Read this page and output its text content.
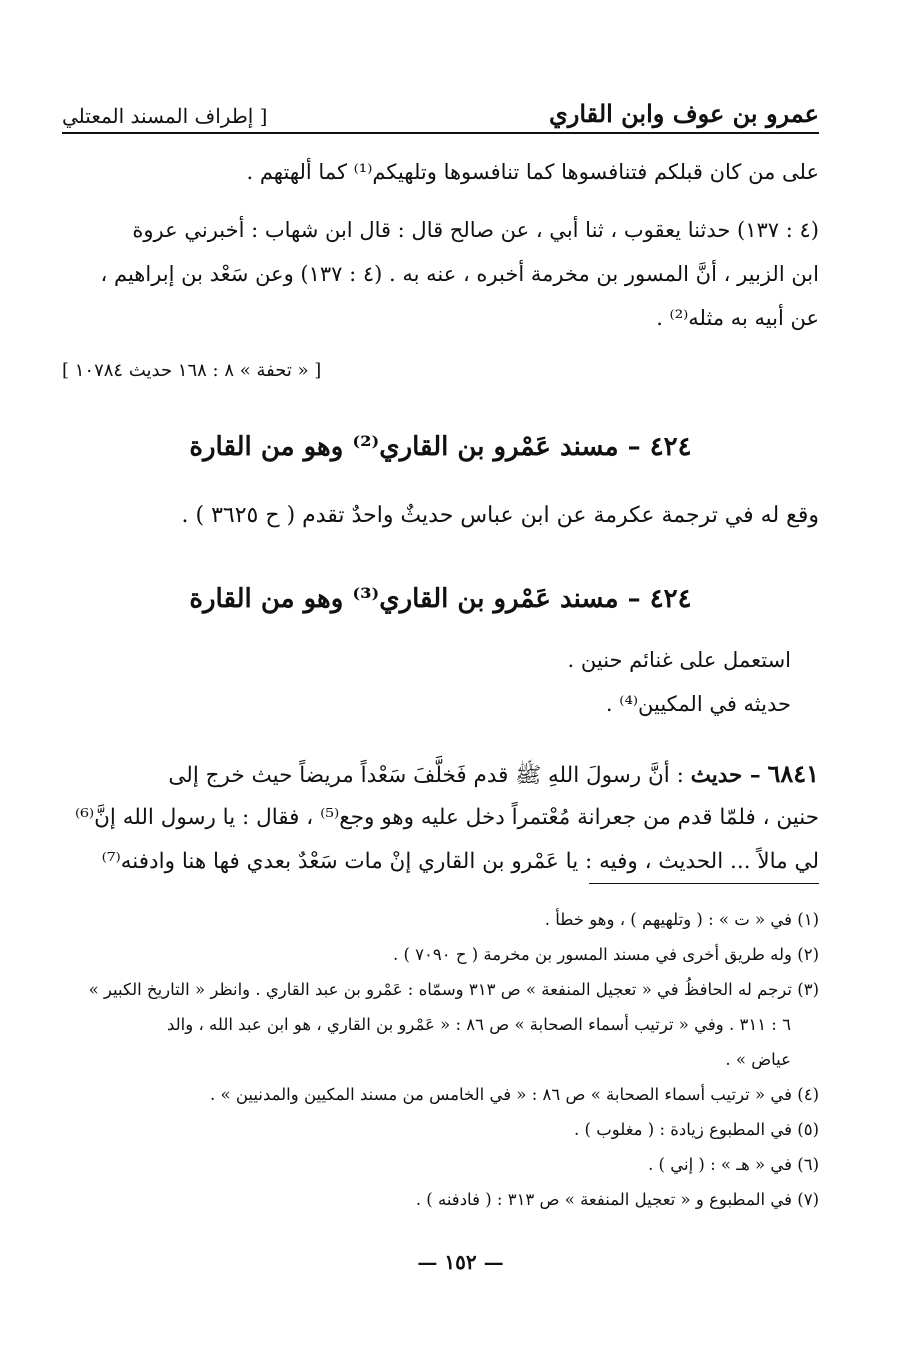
عمرو بن عوف وابن القاري
[ إطراف المسند المعتلي
على من كان قبلكم فتنافسوها كما تنافسوها وتلهيكم⁽¹⁾ كما ألهتهم .
(٤ : ١٣٧) حدثنا يعقوب ، ثنا أبي ، عن صالح قال : قال ابن شهاب : أخبرني عروة
ابن الزبير ، أنَّ المسور بن مخرمة أخبره ، عنه به . (٤ : ١٣٧) وعن سَعْد بن إبراهيم ،
عن أبيه به مثله⁽²⁾ .
[ « تحفة » ٨ : ١٦٨ حديث ١٠٧٨٤ ]
٤٢٤ – مسند عَمْرو بن القاري⁽²⁾ وهو من القارة
وقع له في ترجمة عكرمة عن ابن عباس حديثٌ واحدٌ تقدم ( ح ٣٦٢٥ ) .
٤٢٤ – مسند عَمْرو بن القاري⁽³⁾ وهو من القارة
استعمل على غنائم حنين .
حديثه في المكيين⁽⁴⁾ .
٦٨٤١ – حديث : أنَّ رسولَ اللهِ ﷺ قدم فَخلَّفَ سَعْداً مريضاً حيث خرج إلى
حنين ، فلمّا قدم من جعرانة مُعْتمراً دخل عليه وهو وجع⁽⁵⁾ ، فقال : يا رسول الله إنَّ⁽⁶⁾
لي مالاً ... الحديث ، وفيه : يا عَمْرو بن القاري إنْ مات سَعْدٌ بعدي فها هنا وادفنه⁽⁷⁾
(١) في « ت » : ( وتلهيهم ) ، وهو خطأ .
(٢) وله طريق أخرى في مسند المسور بن مخرمة ( ح ٧٠٩٠ ) .
(٣) ترجم له الحافظُ في « تعجيل المنفعة » ص ٣١٣ وسمّاه : عَمْرو بن عبد القاري . وانظر « التاريخ الكبير »
٦ : ٣١١ . وفي « ترتيب أسماء الصحابة » ص ٨٦ : « عَمْرو بن القاري ، هو ابن عبد الله ، والد
عياض » .
(٤) في « ترتيب أسماء الصحابة » ص ٨٦ : « في الخامس من مسند المكيين والمدنيين » .
(٥) في المطبوع زيادة : ( مغلوب ) .
(٦) في « هـ » : ( إني ) .
(٧) في المطبوع و « تعجيل المنفعة » ص ٣١٣ : ( فادفنه ) .
— ١٥٢ —
